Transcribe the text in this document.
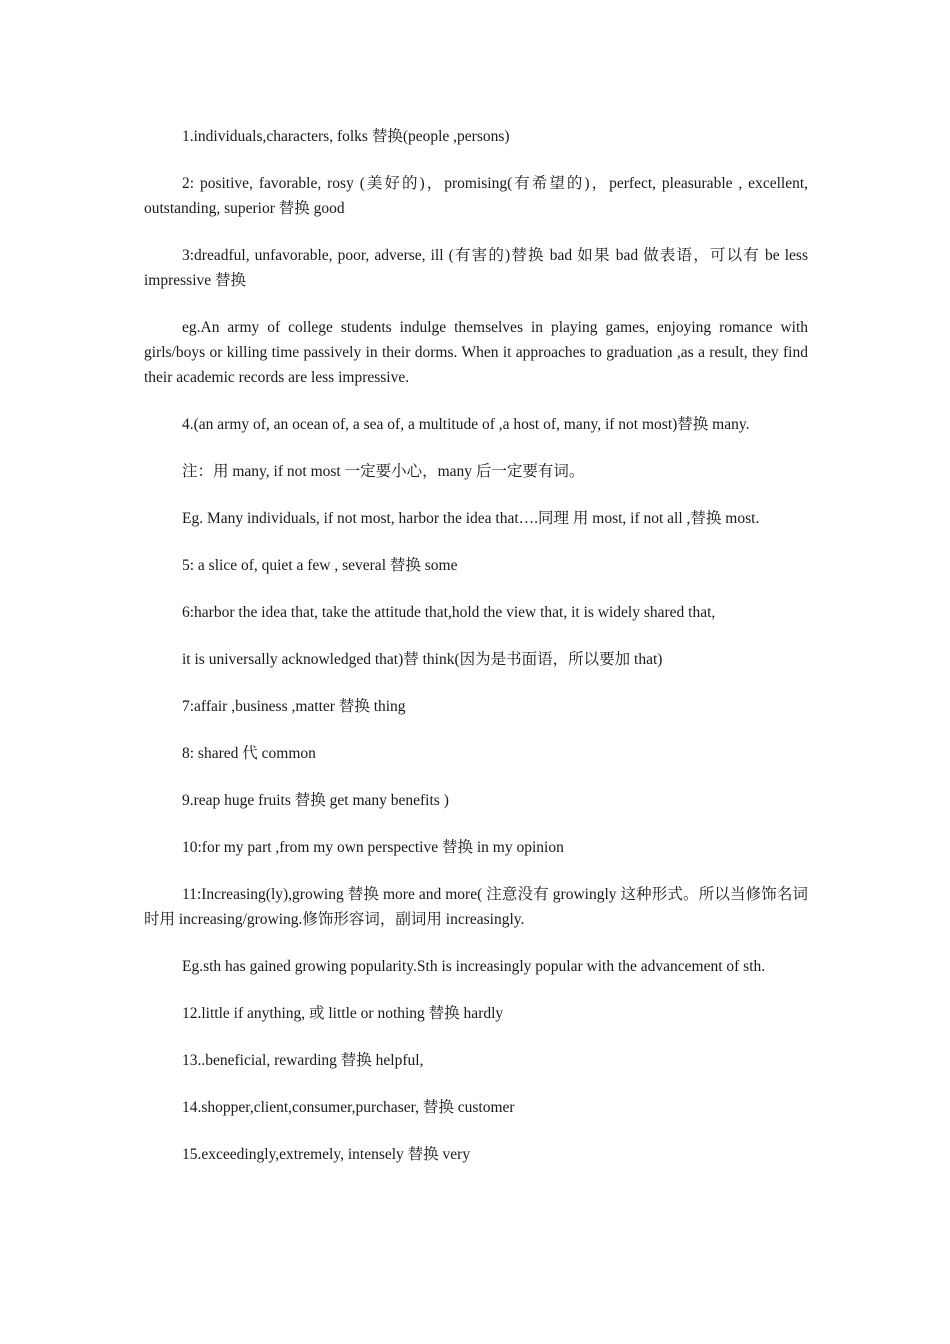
1.individuals,characters, folks 替换(people ,persons)

2: positive, favorable, rosy (美好的)，promising(有希望的)，perfect, pleasurable , excellent, outstanding, superior 替换 good

3:dreadful, unfavorable, poor, adverse, ill (有害的)替换 bad 如果 bad 做表语，可以有 be less impressive 替换

eg.An army of college students indulge themselves in playing games, enjoying romance with girls/boys or killing time passively in their dorms. When it approaches to graduation ,as a result, they find their academic records are less impressive.

4.(an army of, an ocean of, a sea of, a multitude of ,a host of, many, if not most)替换 many.

注：用 many, if not most 一定要小心，many 后一定要有词。

Eg. Many individuals, if not most, harbor the idea that….同理 用 most, if not all ,替换 most.

5: a slice of, quiet a few , several 替换 some

6:harbor the idea that, take the attitude that,hold the view that, it is widely shared that,

it is universally acknowledged that)替 think(因为是书面语，所以要加 that)

7:affair ,business ,matter 替换 thing

8: shared 代 common

9.reap huge fruits 替换 get many benefits )

10:for my part ,from my own perspective 替换 in my opinion

11:Increasing(ly),growing 替换 more and more( 注意没有 growingly 这种形式。所以当修饰名词时用 increasing/growing.修饰形容词，副词用 increasingly.

Eg.sth has gained growing popularity.Sth is increasingly popular with the advancement of sth.

12.little if anything, 或 little or nothing 替换 hardly

13..beneficial, rewarding 替换 helpful,

14.shopper,client,consumer,purchaser, 替换 customer

15.exceedingly,extremely, intensely 替换 very
